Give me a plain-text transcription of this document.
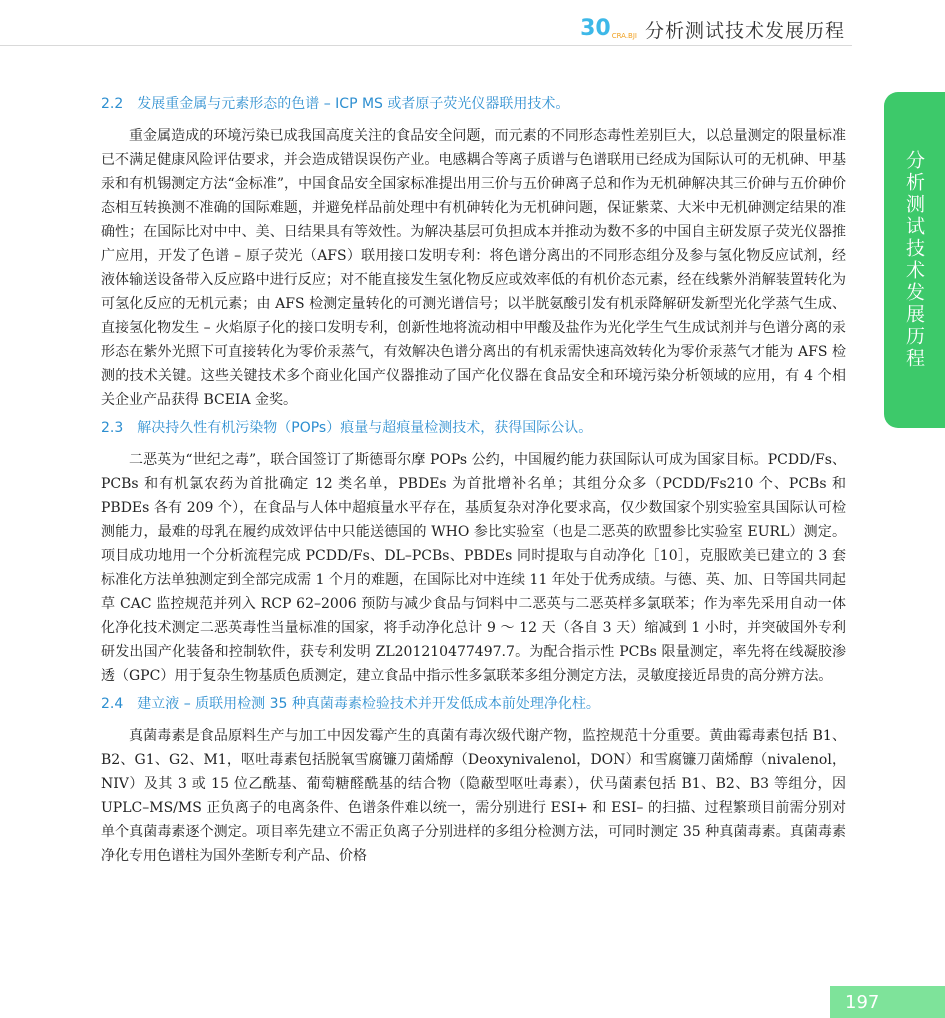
30 CRA.BJI 分析测试技术发展历程
分析测试技术发展历程
2.2　发展重金属与元素形态的色谱 – ICP MS 或者原子荧光仪器联用技术。

重金属造成的环境污染已成我国高度关注的食品安全问题，而元素的不同形态毒性差别巨大，以总量测定的限量标准已不满足健康风险评估要求，并会造成错误误伤产业。电感耦合等离子质谱与色谱联用已经成为国际认可的无机砷、甲基汞和有机锡测定方法“金标准”，中国食品安全国家标准提出用三价与五价砷离子总和作为无机砷解决其三价砷与五价砷价态相互转换测不准确的国际难题，并避免样品前处理中有机砷转化为无机砷问题，保证紫菜、大米中无机砷测定结果的准确性；在国际比对中中、美、日结果具有等效性。为解决基层可负担成本并推动为数不多的中国自主研发原子荧光仪器推广应用，开发了色谱 – 原子荧光（AFS）联用接口发明专利：将色谱分离出的不同形态组分及参与氢化物反应试剂，经液体输送设备带入反应路中进行反应；对不能直接发生氢化物反应或效率低的有机价态元素，经在线紫外消解装置转化为可氢化反应的无机元素；由 AFS 检测定量转化的可测光谱信号；以半胱氨酸引发有机汞降解研发新型光化学蒸气生成、直接氢化物发生 – 火焰原子化的接口发明专利，创新性地将流动相中甲酸及盐作为光化学生气生成试剂并与色谱分离的汞形态在紫外光照下可直接转化为零价汞蒸气，有效解决色谱分离出的有机汞需快速高效转化为零价汞蒸气才能为 AFS 检测的技术关键。这些关键技术多个商业化国产仪器推动了国产化仪器在食品安全和环境污染分析领域的应用，有 4 个相关企业产品获得 BCEIA 金奖。

2.3　解决持久性有机污染物（POPs）痕量与超痕量检测技术，获得国际公认。

二恶英为“世纪之毒”，联合国签订了斯德哥尔摩 POPs 公约，中国履约能力获国际认可成为国家目标。PCDD/Fs、PCBs 和有机氯农药为首批确定 12 类名单，PBDEs 为首批增补名单；其组分众多（PCDD/Fs210 个、PCBs 和 PBDEs 各有 209 个），在食品与人体中超痕量水平存在，基质复杂对净化要求高，仅少数国家个别实验室具国际认可检测能力，最难的母乳在履约成效评估中只能送德国的 WHO 参比实验室（也是二恶英的欧盟参比实验室 EURL）测定。项目成功地用一个分析流程完成 PCDD/Fs、DL–PCBs、PBDEs 同时提取与自动净化［10］，克服欧美已建立的 3 套标准化方法单独测定到全部完成需 1 个月的难题，在国际比对中连续 11 年处于优秀成绩。与德、英、加、日等国共同起草 CAC 监控规范并列入 RCP 62–2006 预防与减少食品与饲料中二恶英与二恶英样多氯联苯；作为率先采用自动一体化净化技术测定二恶英毒性当量标准的国家，将手动净化总计 9 ～ 12 天（各自 3 天）缩减到 1 小时，并突破国外专利研发出国产化装备和控制软件，获专利发明 ZL201210477497.7。为配合指示性 PCBs 限量测定，率先将在线凝胶渗透（GPC）用于复杂生物基质色质测定，建立食品中指示性多氯联苯多组分测定方法，灵敏度接近昂贵的高分辨方法。

2.4　建立液 – 质联用检测 35 种真菌毒素检验技术并开发低成本前处理净化柱。

真菌毒素是食品原料生产与加工中因发霉产生的真菌有毒次级代谢产物，监控规范十分重要。黄曲霉毒素包括 B1、B2、G1、G2、M1，呕吐毒素包括脱氧雪腐镰刀菌烯醇（Deoxynivalenol，DON）和雪腐镰刀菌烯醇（nivalenol，NIV）及其 3 或 15 位乙酰基、葡萄糖醛酰基的结合物（隐蔽型呕吐毒素），伏马菌素包括 B1、B2、B3 等组分，因 UPLC–MS/MS 正负离子的电离条件、色谱条件难以统一，需分别进行 ESI+ 和 ESI– 的扫描、过程繁琐目前需分别对单个真菌毒素逐个测定。项目率先建立不需正负离子分别进样的多组分检测方法，可同时测定 35 种真菌毒素。真菌毒素净化专用色谱柱为国外垄断专利产品、价格

197
